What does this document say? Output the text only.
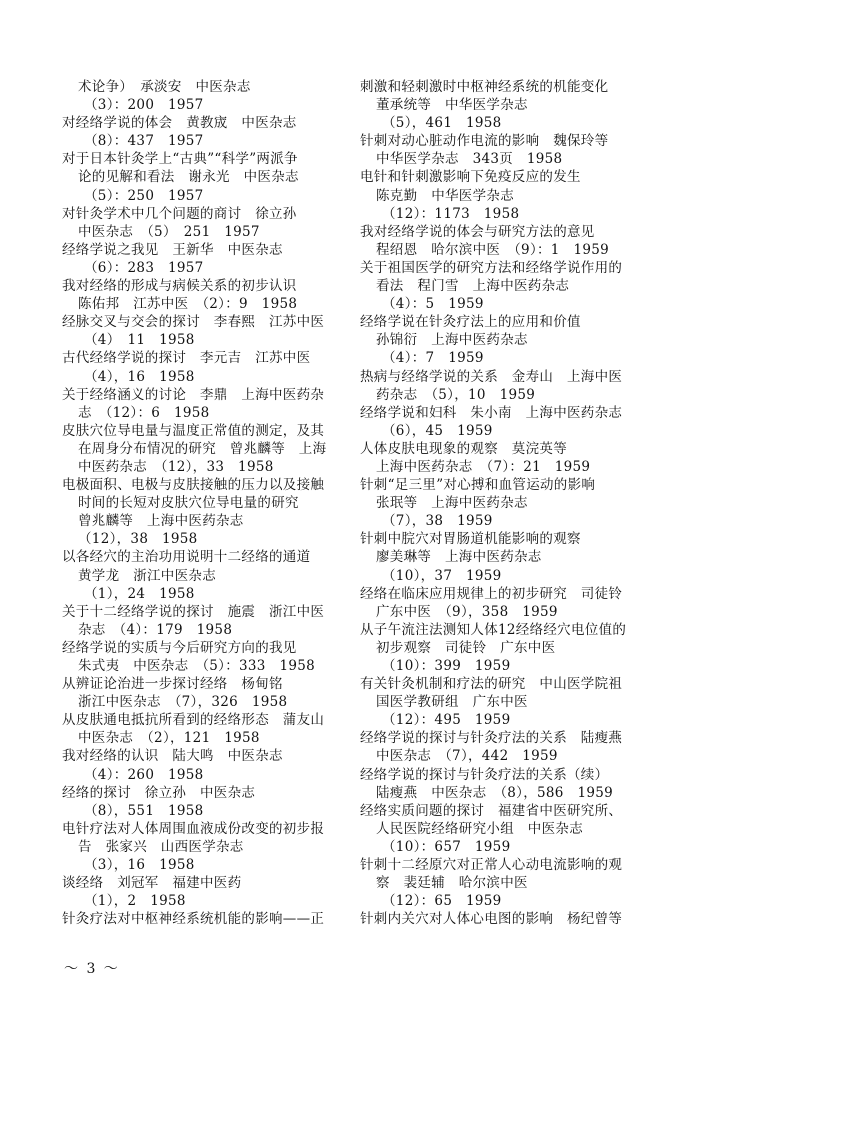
术论争）　承淡安　中医杂志
（3）：200　1957
对经络学说的体会　黄教宬　中医杂志
（8）：437　1957
对于日本针灸学上“古典”“科学”两派争
论的见解和看法　谢永光　中医杂志
（5）：250　1957
对针灸学术中几个问题的商讨　徐立孙
中医杂志　（5）　251　1957
经络学说之我见　王新华　中医杂志
（6）：283　1957
我对经络的形成与病候关系的初步认识
陈佑邦　江苏中医　（2）：9　1958
经脉交叉与交会的探讨　李春熙　江苏中医
（4）　11　1958
古代经络学说的探讨　李元吉　江苏中医
（4），16　1958
关于经络涵义的讨论　李鼎　上海中医药杂
志　（12）：6　1958
皮肤穴位导电量与温度正常值的测定，及其
在周身分布情况的研究　曾兆麟等　上海
中医药杂志　（12），33　1958
电极面积、电极与皮肤接触的压力以及接触
时间的长短对皮肤穴位导电量的研究
曾兆麟等　上海中医药杂志
（12），38　1958
以各经穴的主治功用说明十二经络的通道
黄学龙　浙江中医杂志
（1），24　1958
关于十二经络学说的探讨　施震　浙江中医
杂志　（4）：179　1958
经络学说的实质与今后研究方向的我见
朱式夷　中医杂志　（5）：333　1958
从辨证论治进一步探讨经络　杨甸铭
浙江中医杂志　（7），326　1958
从皮肤通电抵抗所看到的经络形态　蒲友山
中医杂志　（2），121　1958
我对经络的认识　陆大鸣　中医杂志
（4）：260　1958
经络的探讨　徐立孙　中医杂志
（8），551　1958
电针疗法对人体周围血液成份改变的初步报
告　张家兴　山西医学杂志
（3），16　1958
谈经络　刘冠军　福建中医药
（1），2　1958
针灸疗法对中枢神经系统机能的影响——正
刺激和轻刺激时中枢神经系统的机能变化
董承统等　中华医学杂志
（5），461　1958
针刺对动心脏动作电流的影响　魏保玲等
中华医学杂志　343页　1958
电针和针刺激影响下免疫反应的发生
陈克勤　中华医学杂志
（12）：1173　1958
我对经络学说的体会与研究方法的意见
程绍恩　哈尔滨中医　（9）：1　1959
关于祖国医学的研究方法和经络学说作用的
看法　程门雪　上海中医药杂志
（4）：5　1959
经络学说在针灸疗法上的应用和价值
孙锦衍　上海中医药杂志
（4）：7　1959
热病与经络学说的关系　金寿山　上海中医
药杂志　（5），10　1959
经络学说和妇科　朱小南　上海中医药杂志
（6），45　1959
人体皮肤电现象的观察　莫浣英等
上海中医药杂志　（7）：21　1959
针刺“足三里”对心搏和血管运动的影响
张珉等　上海中医药杂志
（7），38　1959
针刺中脘穴对胃肠道机能影响的观察
廖美琳等　上海中医药杂志
（10），37　1959
经络在临床应用规律上的初步研究　司徒铃
广东中医　（9），358　1959
从子午流注法测知人体12经络经穴电位值的
初步观察　司徒铃　广东中医
（10）：399　1959
有关针灸机制和疗法的研究　中山医学院祖
国医学教研组　广东中医
（12）：495　1959
经络学说的探讨与针灸疗法的关系　陆瘦燕
中医杂志　（7），442　1959
经络学说的探讨与针灸疗法的关系（续）
陆瘦燕　中医杂志　（8），586　1959
经络实质问题的探讨　福建省中医研究所、
人民医院经络研究小组　中医杂志
（10）：657　1959
针刺十二经原穴对正常人心动电流影响的观
察　裴廷辅　哈尔滨中医
（12）：65　1959
针刺内关穴对人体心电图的影响　杨纪曾等
～ 3 ～
